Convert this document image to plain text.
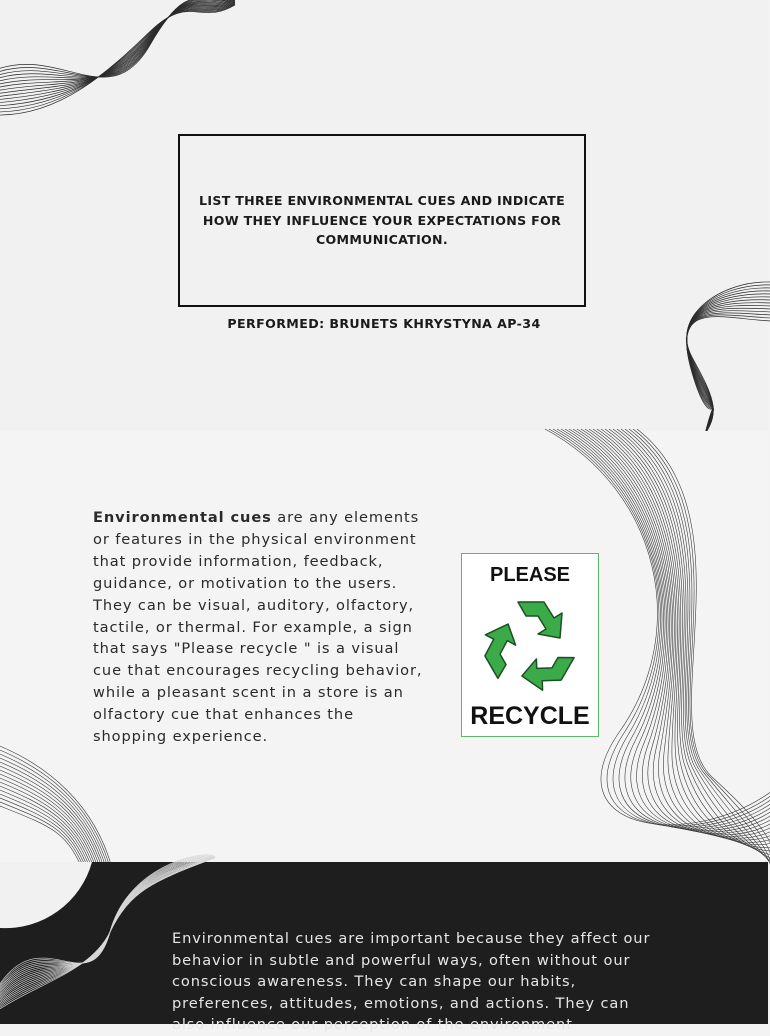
LIST THREE ENVIRONMENTAL CUES AND INDICATE HOW THEY INFLUENCE YOUR EXPECTATIONS FOR COMMUNICATION.
PERFORMED: BRUNETS KHRYSTYNA AP-34

Environmental cues are any elements or features in the physical environment that provide information, feedback, guidance, or motivation to the users. They can be visual, auditory, olfactory, tactile, or thermal. For example, a sign that says "Please recycle " is a visual cue that encourages recycling behavior, while a pleasant scent in a store is an olfactory cue that enhances the shopping experience.

PLEASE
RECYCLE

Environmental cues are important because they affect our behavior in subtle and powerful ways, often without our conscious awareness. They can shape our habits, preferences, attitudes, emotions, and actions. They can also influence our perception of the environment
